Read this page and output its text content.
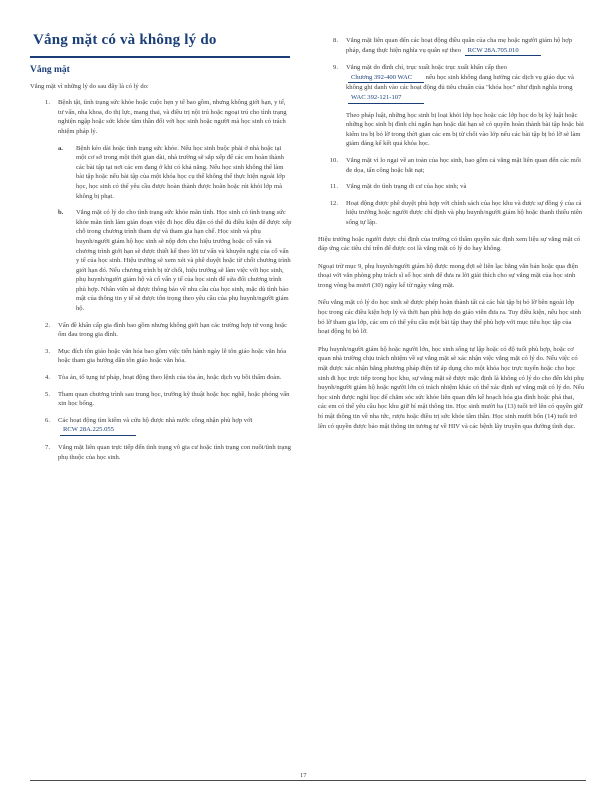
Vắng mặt có và không lý do
Vắng mặt
Vắng mặt vì những lý do sau đây là có lý do:
1.	Bệnh tật, tình trạng sức khỏe hoặc cuộc hẹn y tế bao gồm, nhưng không giới hạn, y tế, tư vấn, nha khoa, đo thị lực, mang thai, và điều trị nội trú hoặc ngoại trú cho tình trạng nghiện ngập hoặc sức khỏe tâm thần đối với học sinh hoặc người mà học sinh có trách nhiệm pháp lý.
a.	Bệnh kéo dài hoặc tình trạng sức khỏe. Nếu học sinh buộc phải ở nhà hoặc tại một cơ sở trong một thời gian dài, nhà trường sẽ sắp xếp để các em hoàn thành các bài tập tại nơi các em đang ở khi có khả năng. Nếu học sinh không thể làm bài tập hoặc nếu bài tập của một khóa học cụ thể không thể thực hiện ngoài lớp học, học sinh có thể yêu cầu được hoàn thành được hoãn hoặc rút khỏi lớp mà không bị phạt.
b.	Vắng mặt có lý do cho tình trạng sức khỏe mãn tính. Học sinh có tình trạng sức khỏe mãn tính làm gián đoạn việc đi học đều đặn có thể đủ điều kiện để được xếp chỗ trong chương trình tham dự và tham gia hạn chế. Học sinh và phụ huynh/người giám hộ học sinh sẽ nộp đơn cho hiệu trưởng hoặc cố vấn và chương trình giới hạn sẽ được thiết kế theo lời tư vấn và khuyến nghị của cố vấn y tế của học sinh. Hiệu trưởng sẽ xem xét và phê duyệt hoặc từ chối chương trình giới hạn đó. Nếu chương trình bị từ chối, hiệu trưởng sẽ làm việc với học sinh, phụ huynh/người giám hộ và cố vấn y tế của học sinh để sửa đổi chương trình phù hợp. Nhân viên sẽ được thông báo về nhu cầu của học sinh, mặc dù tình bảo mật của thông tin y tế sẽ được tôn trọng theo yêu cầu của phụ huynh/người giám hộ.
2.	Vấn đề khẩn cấp gia đình bao gồm nhưng không giới hạn các trường hợp tử vong hoặc ốm đau trong gia đình.
3.	Mục đích tôn giáo hoặc văn hóa bao gồm việc tiến hành ngày lễ tôn giáo hoặc văn hóa hoặc tham gia hướng dẫn tôn giáo hoặc văn hóa.
4.	Tòa án, tố tụng tư pháp, hoạt động theo lệnh của tòa án, hoặc dịch vụ bồi thẩm đoàn.
5.	Tham quan chương trình sau trung học, trường kỹ thuật hoặc học nghề, hoặc phỏng vấn xin học bổng.
6.	Các hoạt động tìm kiếm và cứu hộ được nhà nước công nhận phù hợp với RCW 28A.225.055
7.	Vắng mặt liên quan trực tiếp đến tình trạng vô gia cư hoặc tình trạng con nuôi/tình trạng phụ thuộc của học sinh.
8.	Vắng mặt liên quan đến các hoạt động điều quân của cha mẹ hoặc người giám hộ hợp pháp, đang thực hiện nghĩa vụ quân sự theo RCW 28A.705.010
9.	Vắng mặt do đình chỉ, trục xuất hoặc trục xuất khẩn cấp theo Chương 392-400 WAC nếu học sinh không đang hưởng các dịch vụ giáo dục và không ghi danh vào các hoạt động đủ tiêu chuẩn của "khóa học" như định nghĩa trong WAC 392-121-107
Theo pháp luật, những học sinh bị loại khỏi lớp học hoặc các lớp học do bị kỷ luật hoặc những học sinh bị đình chỉ ngắn hạn hoặc dài hạn sẽ có quyền hoàn thành bài tập hoặc bài kiểm tra bị bỏ lỡ trong thời gian các em bị từ chối vào lớp nếu các bài tập bị bỏ lỡ sẽ làm giảm đáng kể kết quả khóa học.
10.	Vắng mặt vì lo ngại về an toàn của học sinh, bao gồm cả vắng mặt liên quan đến các mối đe dọa, tấn công hoặc bắt nạt;
11.	Vắng mặt do tình trạng di cư của học sinh; và
12.	Hoạt động được phê duyệt phù hợp với chính sách của học khu và được sự đồng ý của cả hiệu trưởng hoặc người được chỉ định và phụ huynh/người giám hộ hoặc thanh thiếu niên sống tự lập.

Hiệu trưởng hoặc người được chỉ định của trường có thẩm quyền xác định xem liệu sự vắng mặt có đáp ứng các tiêu chí trên để được coi là vắng mặt có lý do hay không.

Ngoại trừ mục 9, phụ huynh/người giám hộ được mong đợi sẽ liên lạc bằng văn bản hoặc qua điện thoại với văn phòng phụ trách sĩ số học sinh để đưa ra lời giải thích cho sự vắng mặt của học sinh trong vòng ba mươi (30) ngày kể từ ngày vắng mặt.

Nếu vắng mặt có lý do học sinh sẽ được phép hoàn thành tất cả các bài tập bị bỏ lỡ bên ngoài lớp học trong các điều kiện hợp lý và thời hạn phù hợp do giáo viên đưa ra. Tuy điều kiện, nếu học sinh bỏ lỡ tham gia lớp, các em có thể yêu cầu một bài tập thay thế phù hợp với mục tiêu học tập của hoạt động bị bỏ lỡ.

Phụ huynh/người giám hộ hoặc người lớn, học sinh sống tự lập hoặc có độ tuổi phù hợp, hoặc cơ quan nhà trường chịu trách nhiệm về sự vắng mặt sẽ xác nhận việc vắng mặt có lý do. Nếu việc có mặt được xác nhận bằng phương pháp điện tử áp dụng cho một khóa học trực tuyến hoặc cho học sinh đi học trực tiếp trong học khu, sự vắng mặt sẽ được mặc định là không có lý do cho đến khi phụ huynh/người giám hộ hoặc người lớn có trách nhiệm khác có thể xác định sự vắng mặt có lý do. Nếu học sinh được nghỉ học để chăm sóc sức khỏe liên quan đến kế hoạch hóa gia đình hoặc phá thai, các em có thể yêu cầu học khu giữ bí mật thông tin. Học sinh mười ba (13) tuổi trở lên có quyền giữ bí mật thông tin về nha tức, rượu hoặc điều trị sức khỏe tâm thần. Học sinh mười bốn (14) tuổi trở lên có quyền được bảo mật thông tin tương tự về HIV và các bệnh lây truyền qua đường tình dục.

17
